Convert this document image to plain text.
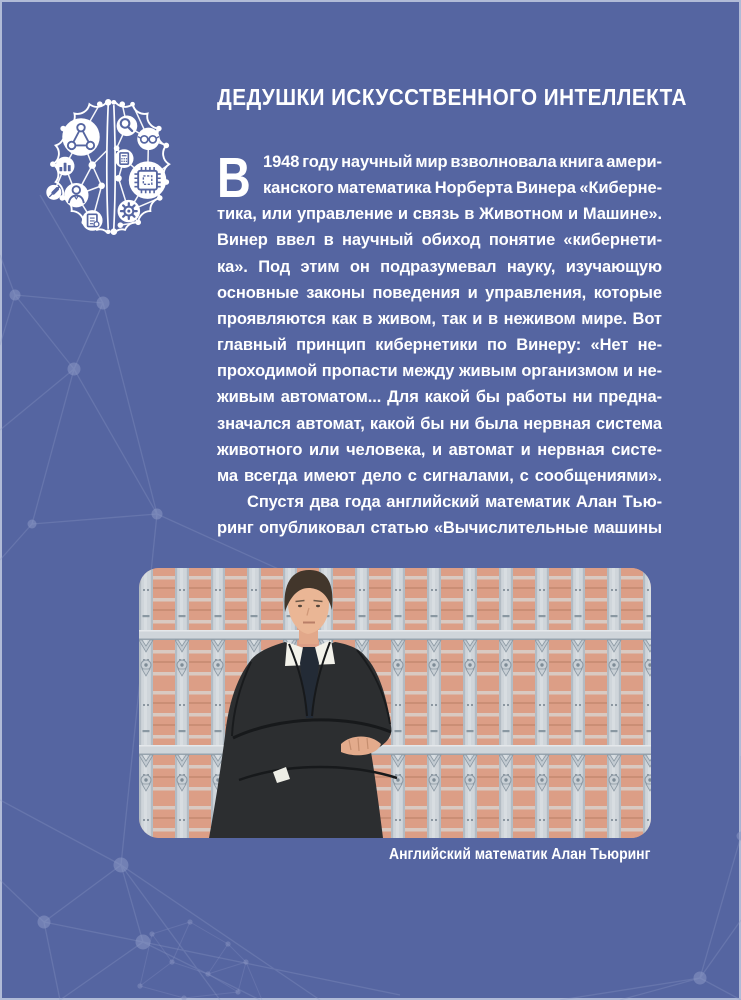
ДЕДУШКИ ИСКУССТВЕННОГО ИНТЕЛЛЕКТА
В 1948 году научный мир взволновала книга амери-
канского математика Норберта Винера «Киберне-
тика, или управление и связь в Животном и Машине».
Винер ввел в научный обиход понятие «кибернети-
ка». Под этим он подразумевал науку, изучающую
основные законы поведения и управления, которые
проявляются как в живом, так и в неживом мире. Вот
главный принцип кибернетики по Винеру: «Нет не-
проходимой пропасти между живым организмом и не-
живым автоматом... Для какой бы работы ни предна-
значался автомат, какой бы ни была нервная система
животного или человека, и автомат и нервная систе-
ма всегда имеют дело с сигналами, с сообщениями».
Спустя два года английский математик Алан Тью-
ринг опубликовал статью «Вычислительные машины
Английский математик Алан Тьюринг
